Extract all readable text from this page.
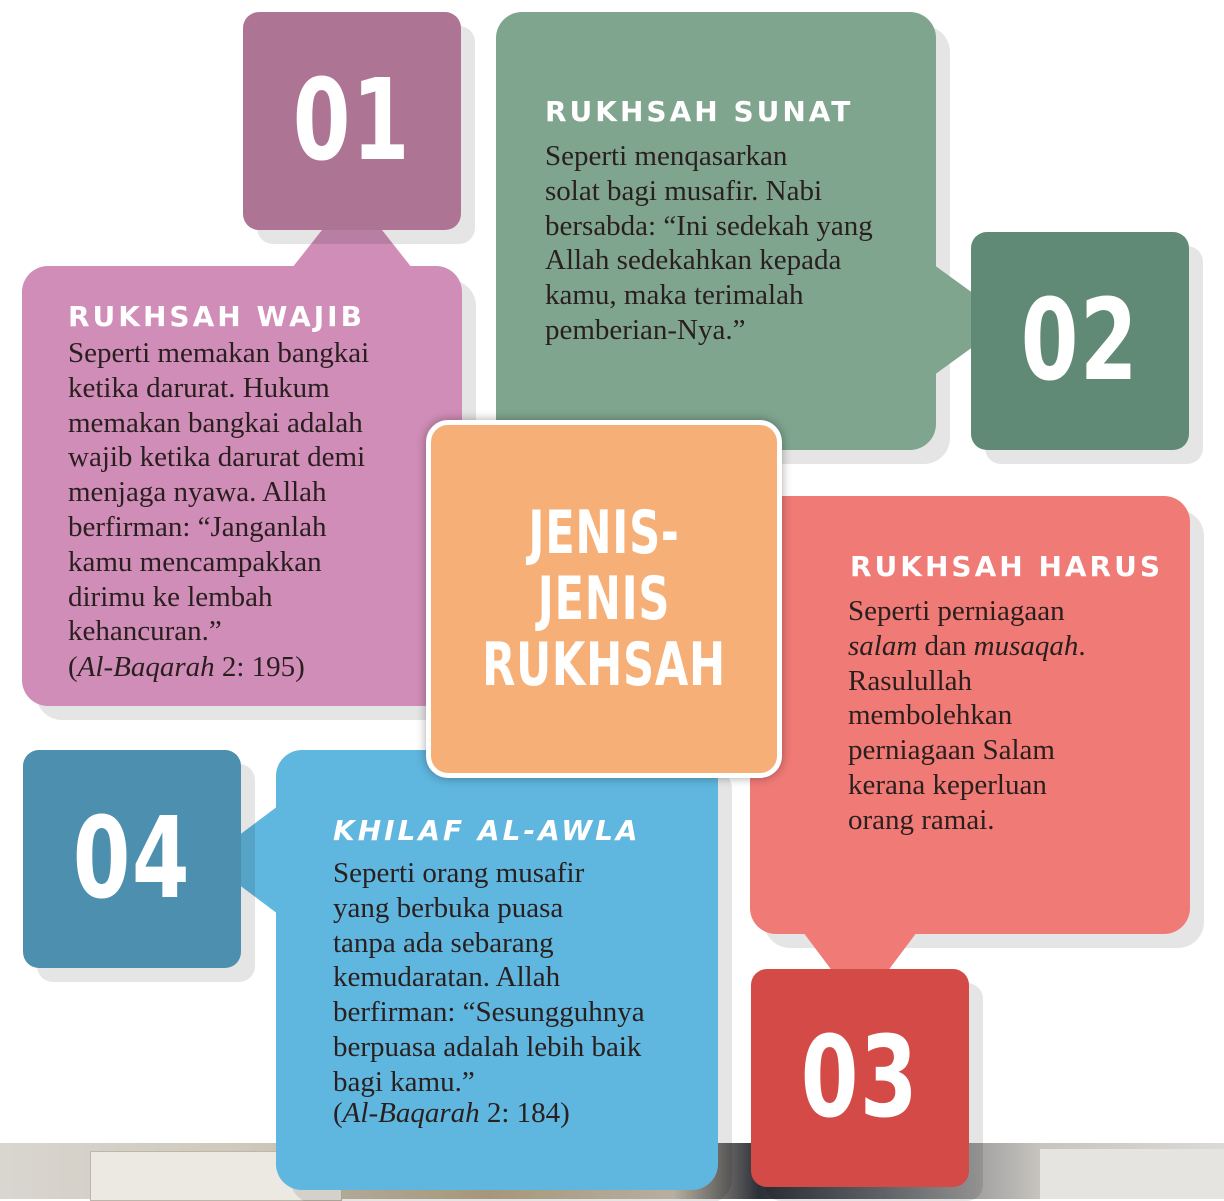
01
RUKHSAH WAJIB
Seperti memakan bangkai
ketika darurat. Hukum
memakan bangkai adalah
wajib ketika darurat demi
menjaga nyawa. Allah
berfirman: “Janganlah
kamu mencampakkan
dirimu ke lembah
kehancuran.”
(Al-Baqarah 2: 195)
02
RUKHSAH SUNAT
Seperti menqasarkan
solat bagi musafir. Nabi
bersabda: “Ini sedekah yang
Allah sedekahkan kepada
kamu, maka terimalah
pemberian-Nya.”
03
RUKHSAH HARUS
Seperti perniagaan
salam dan musaqah.
Rasulullah
membolehkan
perniagaan Salam
kerana keperluan
orang ramai.
04	KHILAF AL-AWLA
Seperti orang musafir
yang berbuka puasa
tanpa ada sebarang
kemudaratan. Allah
berfirman: “Sesungguhnya
berpuasa adalah lebih baik
bagi kamu.”
(Al-Baqarah 2: 184)
JENIS-JENIS
RUKHSAH
